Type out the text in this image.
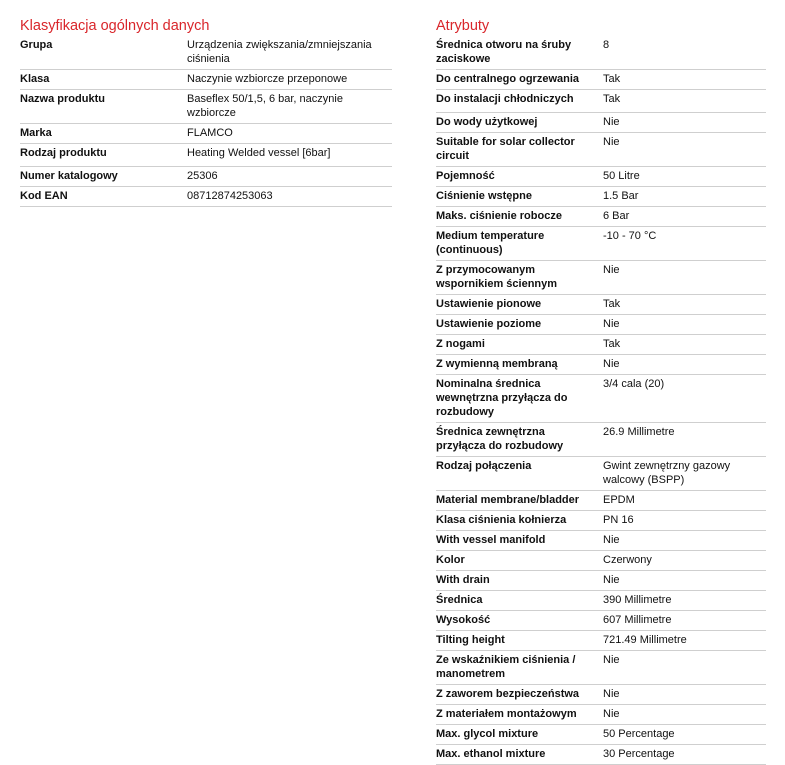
Klasyfikacja ogólnych danych
Grupa	Urządzenia zwiększania/zmniejszania ciśnienia
Klasa	Naczynie wzbiorcze przeponowe
Nazwa produktu	Baseflex 50/1,5, 6 bar, naczynie wzbiorcze
Marka	FLAMCO
Rodzaj produktu	Heating Welded vessel [6bar]
Numer katalogowy	25306
Kod EAN	08712874253063
Atrybuty
Średnica otworu na śruby zaciskowe	8
Do centralnego ogrzewania	Tak
Do instalacji chłodniczych	Tak
Do wody użytkowej	Nie
Suitable for solar collector circuit	Nie
Pojemność	50 Litre
Ciśnienie wstępne	1.5 Bar
Maks. ciśnienie robocze	6 Bar
Medium temperature (continuous)	-10 - 70 °C
Z przymocowanym wspornikiem ściennym	Nie
Ustawienie pionowe	Tak
Ustawienie poziome	Nie
Z nogami	Tak
Z wymienną membraną	Nie
Nominalna średnica wewnętrzna przyłącza do rozbudowy	3/4 cala (20)
Średnica zewnętrzna przyłącza do rozbudowy	26.9 Millimetre
Rodzaj połączenia	Gwint zewnętrzny gazowy walcowy (BSPP)
Material membrane/bladder	EPDM
Klasa ciśnienia kołnierza	PN 16
With vessel manifold	Nie
Kolor	Czerwony
With drain	Nie
Średnica	390 Millimetre
Wysokość	607 Millimetre
Tilting height	721.49 Millimetre
Ze wskaźnikiem ciśnienia / manometrem	Nie
Z zaworem bezpieczeństwa	Nie
Z materiałem montażowym	Nie
Max. glycol mixture	50 Percentage
Max. ethanol mixture	30 Percentage
